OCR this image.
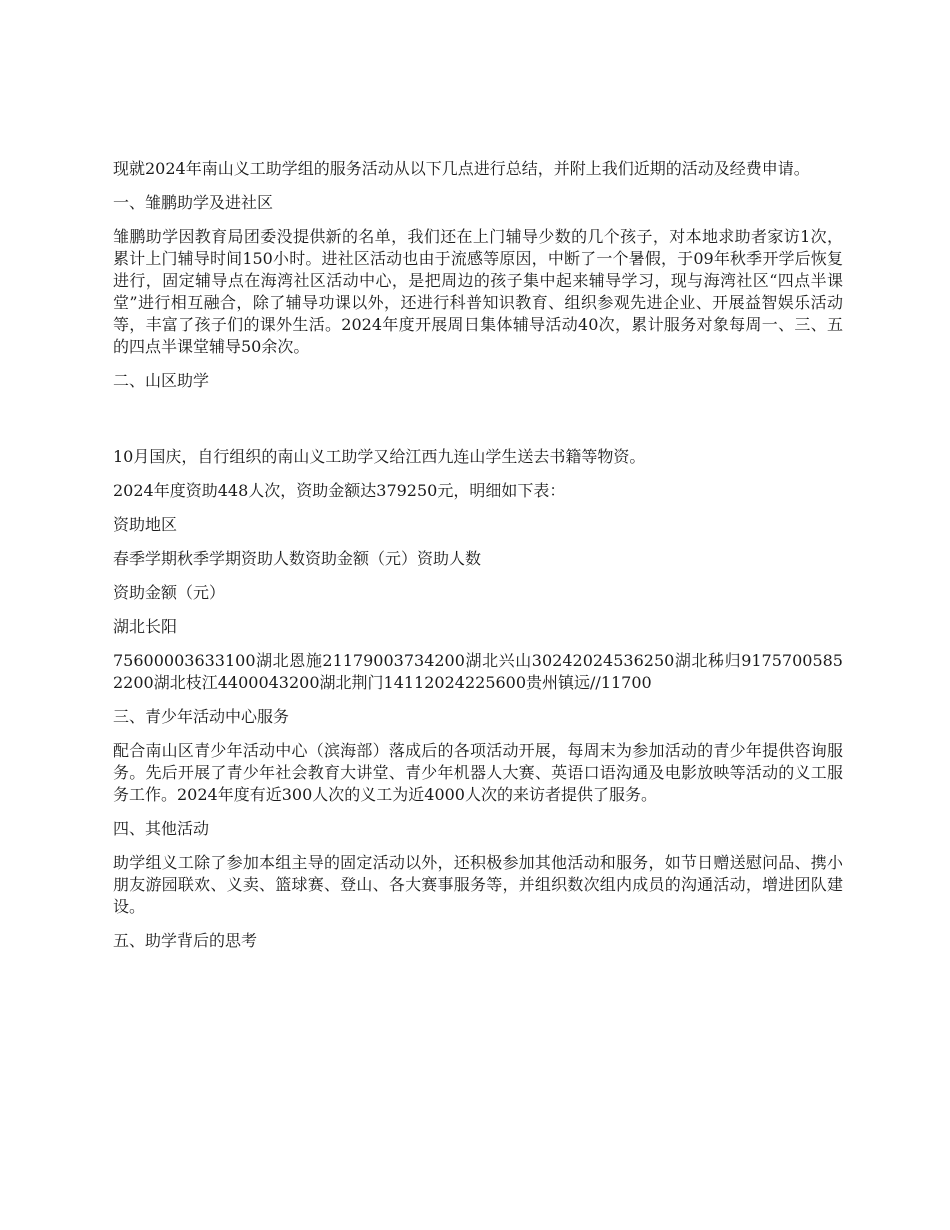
现就2024年南山义工助学组的服务活动从以下几点进行总结，并附上我们近期的活动及经费申请。

一、雏鹏助学及进社区

雏鹏助学因教育局团委没提供新的名单，我们还在上门辅导少数的几个孩子，对本地求助者家访1次，累计上门辅导时间150小时。进社区活动也由于流感等原因，中断了一个暑假，于09年秋季开学后恢复进行，固定辅导点在海湾社区活动中心，是把周边的孩子集中起来辅导学习，现与海湾社区“四点半课堂”进行相互融合，除了辅导功课以外，还进行科普知识教育、组织参观先进企业、开展益智娱乐活动等，丰富了孩子们的课外生活。2024年度开展周日集体辅导活动40次，累计服务对象每周一、三、五的四点半课堂辅导50余次。

二、山区助学

10月国庆，自行组织的南山义工助学又给江西九连山学生送去书籍等物资。

2024年度资助448人次，资助金额达379250元，明细如下表：

资助地区

春季学期秋季学期资助人数资助金额（元）资助人数

资助金额（元）

湖北长阳

75600003633100湖北恩施21179003734200湖北兴山30242024536250湖北秭归91757005852200湖北枝江4400043200湖北荆门14112024225600贵州镇远//11700

三、青少年活动中心服务

配合南山区青少年活动中心（滨海部）落成后的各项活动开展，每周末为参加活动的青少年提供咨询服务。先后开展了青少年社会教育大讲堂、青少年机器人大赛、英语口语沟通及电影放映等活动的义工服务工作。2024年度有近300人次的义工为近4000人次的来访者提供了服务。

四、其他活动

助学组义工除了参加本组主导的固定活动以外，还积极参加其他活动和服务，如节日赠送慰问品、携小朋友游园联欢、义卖、篮球赛、登山、各大赛事服务等，并组织数次组内成员的沟通活动，增进团队建设。

五、助学背后的思考
